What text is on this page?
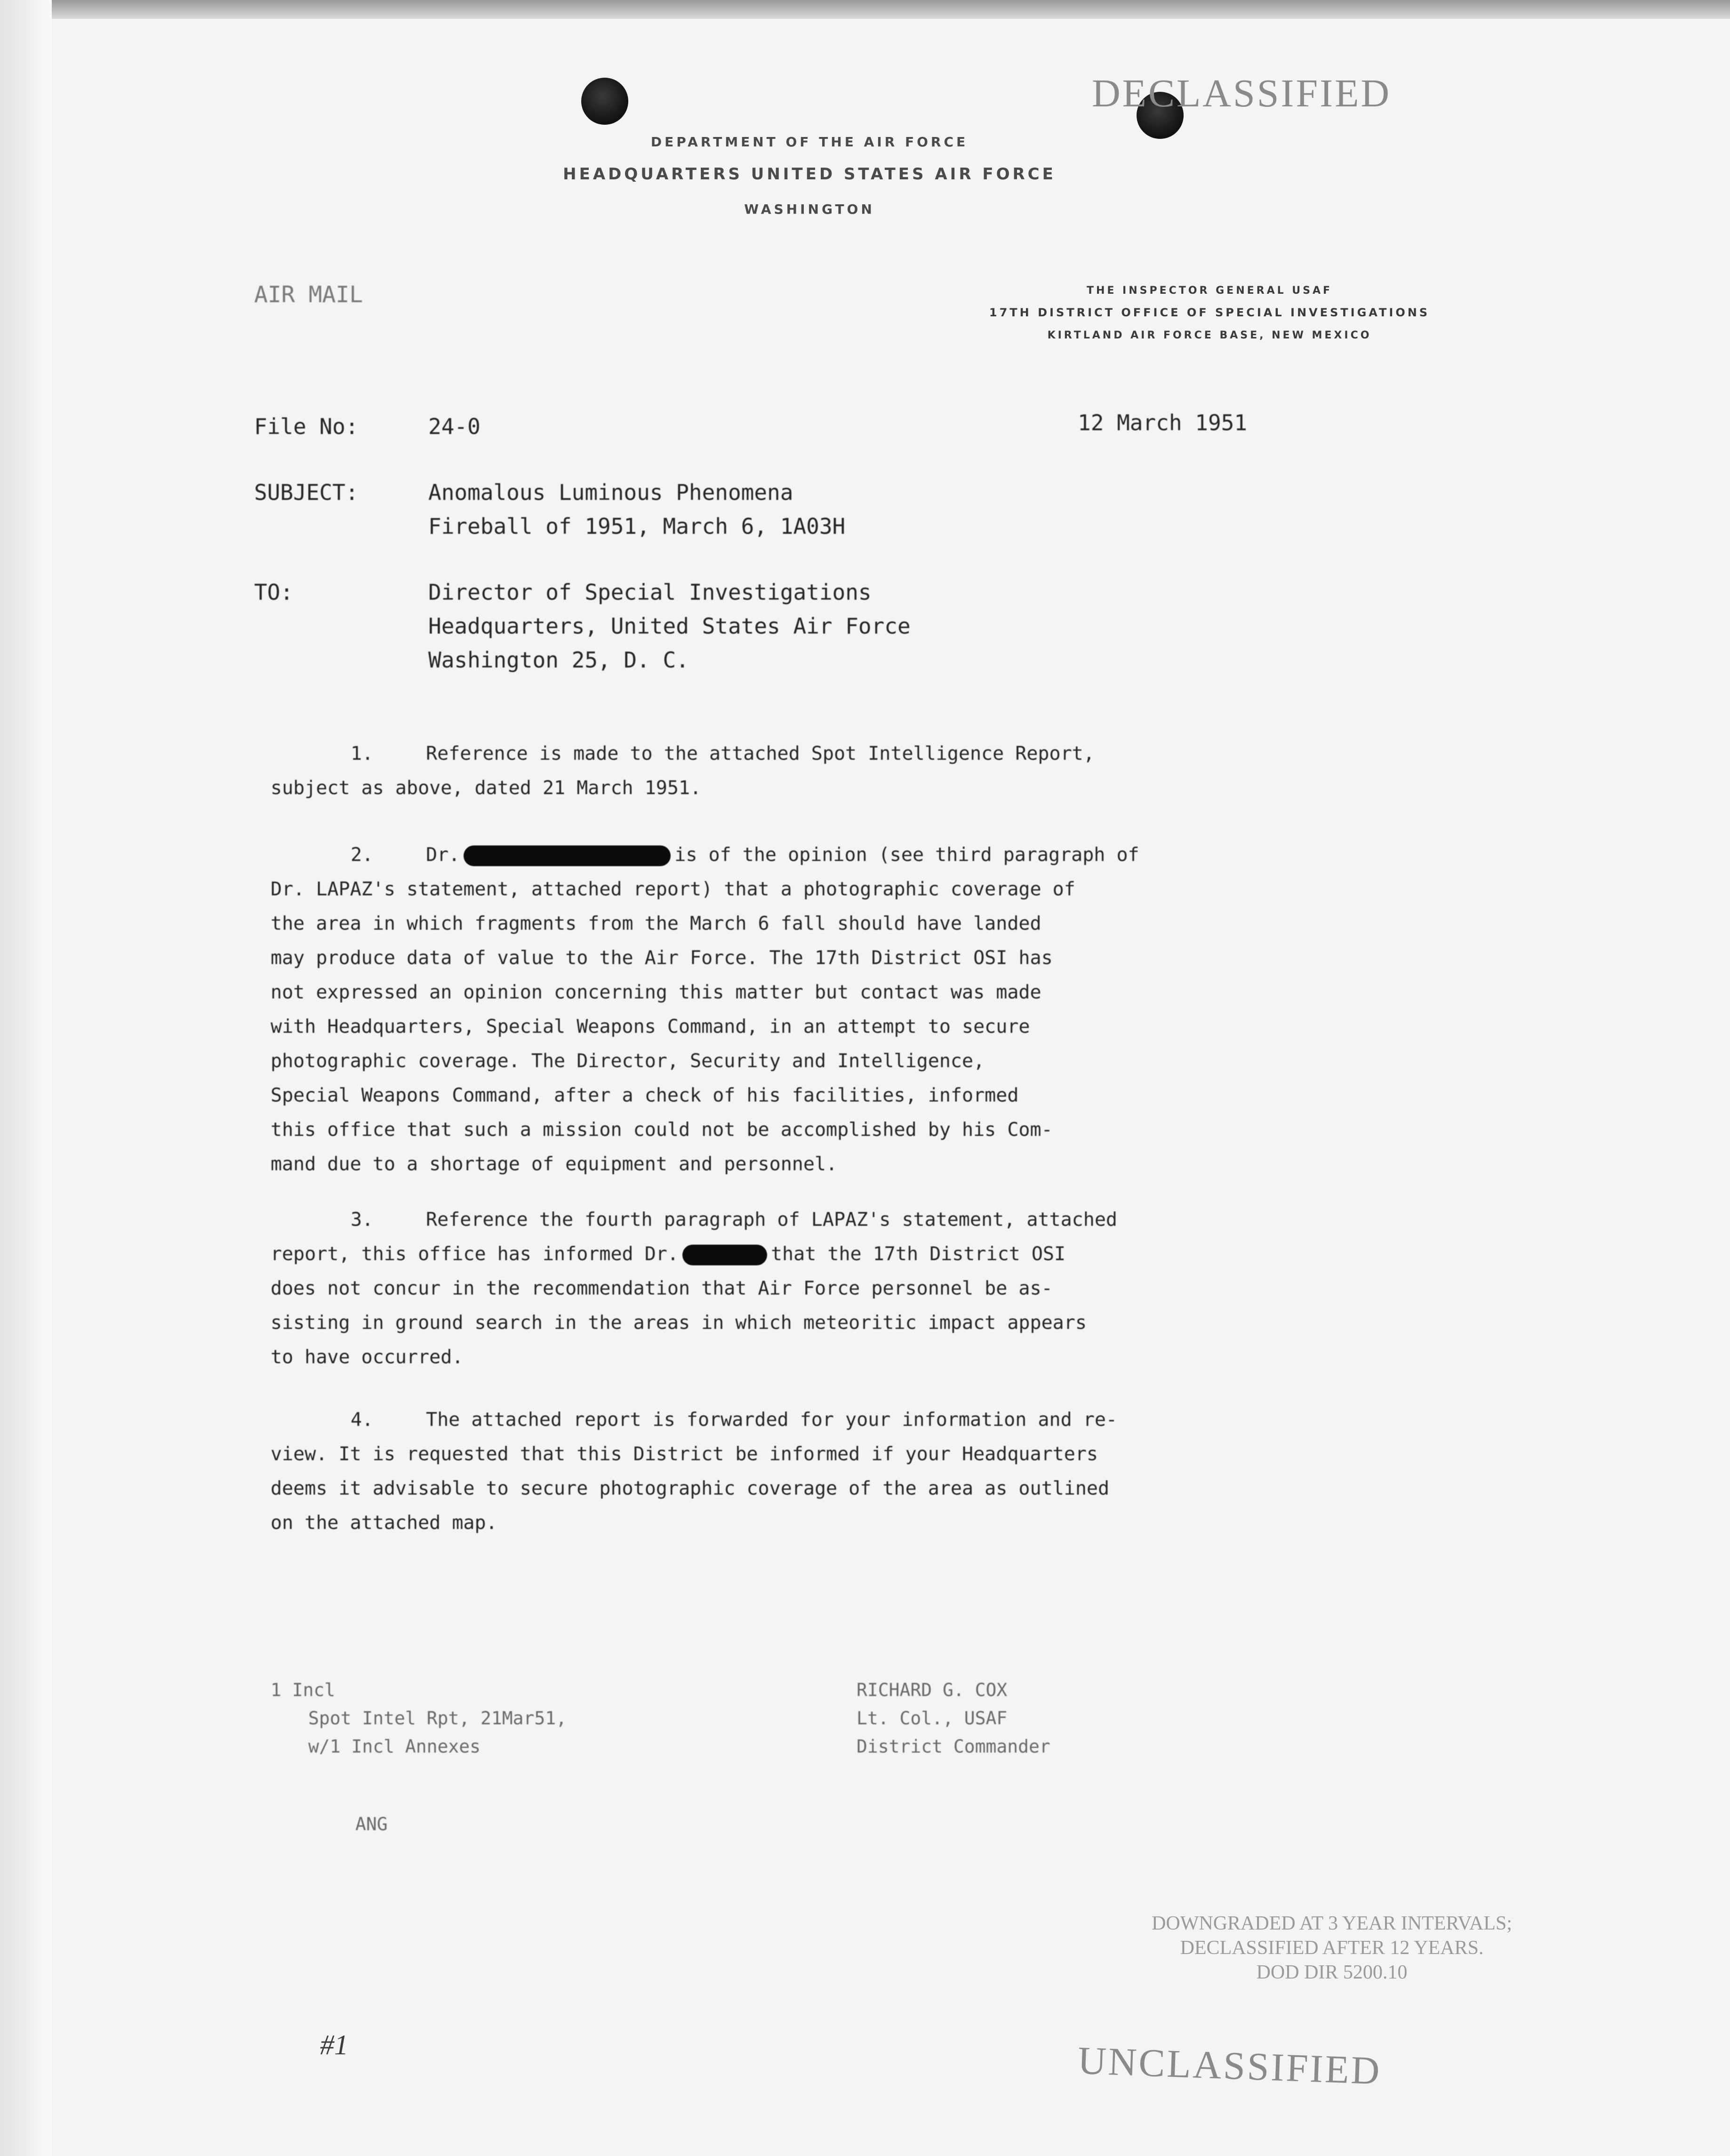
DECLASSIFIED
DEPARTMENT OF THE AIR FORCE
HEADQUARTERS UNITED STATES AIR FORCE
WASHINGTON
AIR MAIL	THE INSPECTOR GENERAL USAF
17TH DISTRICT OFFICE OF SPECIAL INVESTIGATIONS
KIRTLAND AIR FORCE BASE, NEW MEXICO
File No:	24-0	12 March 1951
SUBJECT:	Anomalous Luminous Phenomena
Fireball of 1951, March 6, 1A03H
TO:	Director of Special Investigations
Headquarters, United States Air Force
Washington 25, D. C.
1.	Reference is made to the attached Spot Intelligence Report,
subject as above, dated 21 March 1951.
2.	Dr.	is of the opinion (see third paragraph of
Dr. LAPAZ's statement, attached report) that a photographic coverage of
the area in which fragments from the March 6 fall should have landed
may produce data of value to the Air Force. The 17th District OSI has
not expressed an opinion concerning this matter but contact was made
with Headquarters, Special Weapons Command, in an attempt to secure
photographic coverage. The Director, Security and Intelligence,
Special Weapons Command, after a check of his facilities, informed
this office that such a mission could not be accomplished by his Com-
mand due to a shortage of equipment and personnel.
3.	Reference the fourth paragraph of LAPAZ's statement, attached
report, this office has informed Dr.	that the 17th District OSI
does not concur in the recommendation that Air Force personnel be as-
sisting in ground search in the areas in which meteoritic impact appears
to have occurred.
4.	The attached report is forwarded for your information and re-
view. It is requested that this District be informed if your Headquarters
deems it advisable to secure photographic coverage of the area as outlined
on the attached map.
1 Incl
Spot Intel Rpt, 21Mar51,
w/1 Incl Annexes
ANG
RICHARD G. COX
Lt. Col., USAF
District Commander
DOWNGRADED AT 3 YEAR INTERVALS;
DECLASSIFIED AFTER 12 YEARS.
DOD DIR 5200.10
#1	UNCLASSIFIED
